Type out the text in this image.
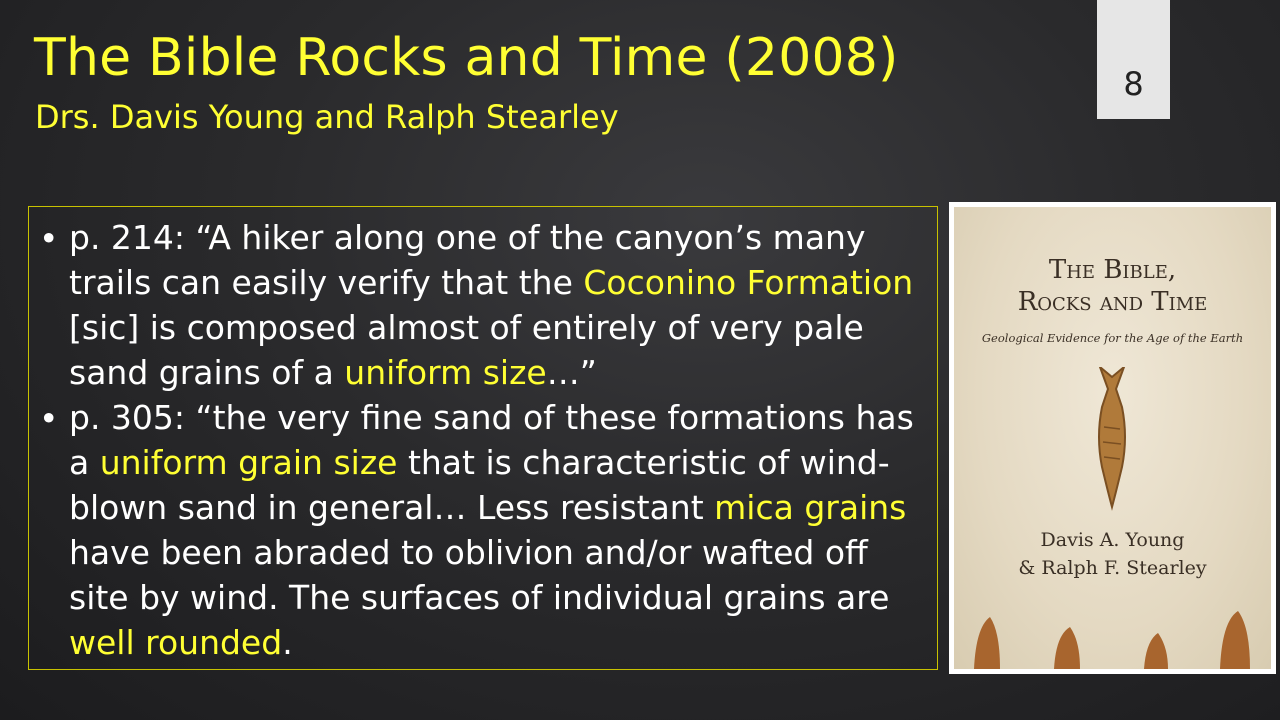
The Bible Rocks and Time (2008)
Drs. Davis Young and Ralph Stearley
8
• p. 214: “A hiker along one of the canyon’s many trails can easily verify that the Coconino Formation [sic] is composed almost of entirely of very pale sand grains of a uniform size…”
• p. 305: “the very fine sand of these formations has a uniform grain size that is characteristic of wind-blown sand in general… Less resistant mica grains have been abraded to oblivion and/or wafted off site by wind. The surfaces of individual grains are well rounded.
The Bible,
Rocks and Time
Geological Evidence for the Age of the Earth
Davis A. Young
& Ralph F. Stearley
